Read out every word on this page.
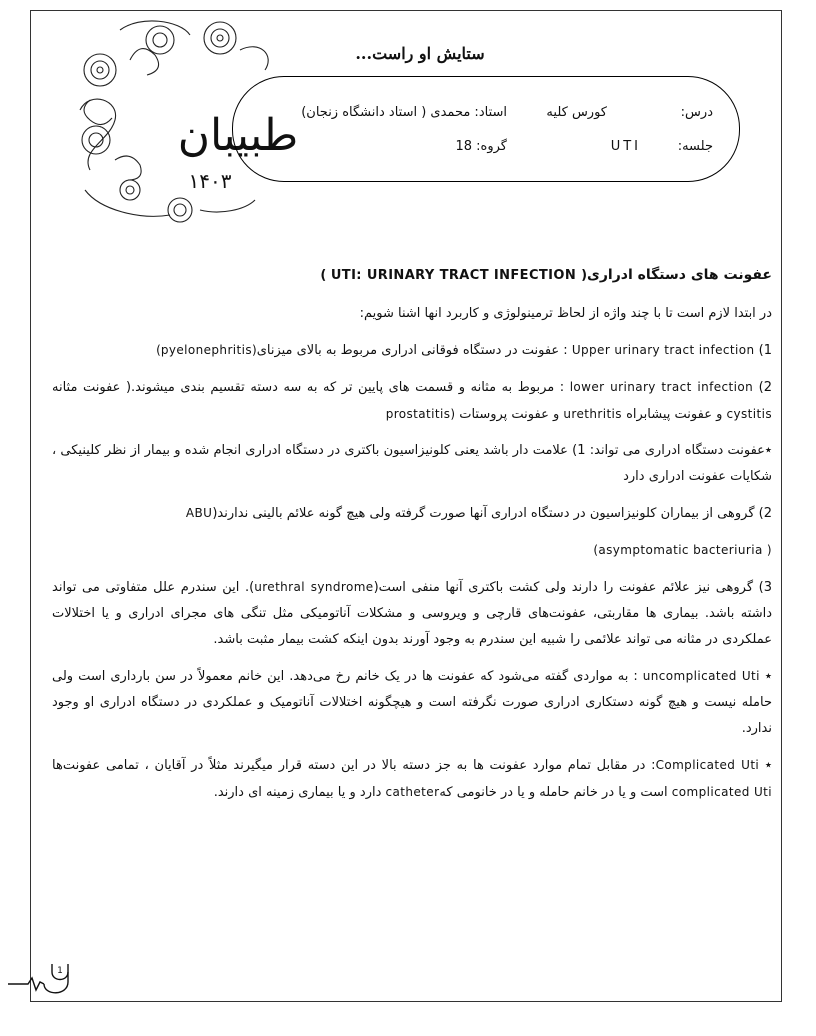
طبیبان
۱۴۰۳
ستایش او راست...
درس:
کورس کلیه
استاد: محمدی ( استاد دانشگاه زنجان)
جلسه:
UTI
گروه: 18

عفونت های دستگاه ادراری( UTI: URINARY TRACT INFECTION )

در ابتدا لازم است تا با چند واژه از لحاظ ترمینولوژی و کاربرد انها اشنا شویم:

1) Upper urinary tract infection : عفونت در دستگاه فوقانی ادراری مربوط به بالای میزنای(pyelonephritis)

2) lower urinary tract infection : مربوط به مثانه و قسمت های پایین تر که به سه دسته تقسیم بندی میشوند.( عفونت مثانه cystitis و عفونت پیشابراه urethritis و عفونت پروستات prostatitis)

٭عفونت دستگاه ادراری می تواند: 1) علامت دار باشد یعنی کلونیزاسیون باکتری در دستگاه ادراری انجام شده و بیمار از نظر کلینیکی ، شکایات عفونت ادراری دارد

2) گروهی از بیماران کلونیزاسیون در دستگاه ادراری آنها صورت گرفته ولی هیچ گونه علائم بالینی ندارند(ABU

(asymptomatic bacteriuria )

3) گروهی نیز علائم عفونت را دارند ولی کشت باکتری آنها منفی است(urethral syndrome). این سندرم علل متفاوتی می تواند داشته باشد. بیماری ها مقاربتی، عفونت‌های قارچی و ویروسی و مشکلات آناتومیکی مثل تنگی های مجرای ادراری و یا اختلالات عملکردی در مثانه می تواند علائمی را شبیه این سندرم به وجود آورند بدون اینکه کشت بیمار مثبت باشد.

٭ uncomplicated Uti : به مواردی گفته می‌شود که عفونت ها در یک خانم رخ می‌دهد. این خانم معمولاً در سن بارداری است ولی حامله نیست و هیچ گونه دستکاری ادراری صورت نگرفته است و هیچگونه اختلالات آناتومیک و عملکردی در دستگاه ادراری او وجود ندارد.

٭ Complicated Uti: در مقابل تمام موارد عفونت ها به جز دسته بالا در این دسته قرار میگیرند مثلاً در آقایان ، تمامی عفونت‌ها complicated Uti است و یا در خانم حامله و یا در خانومی کهcatheter دارد و یا بیماری زمینه ای دارند.

1
